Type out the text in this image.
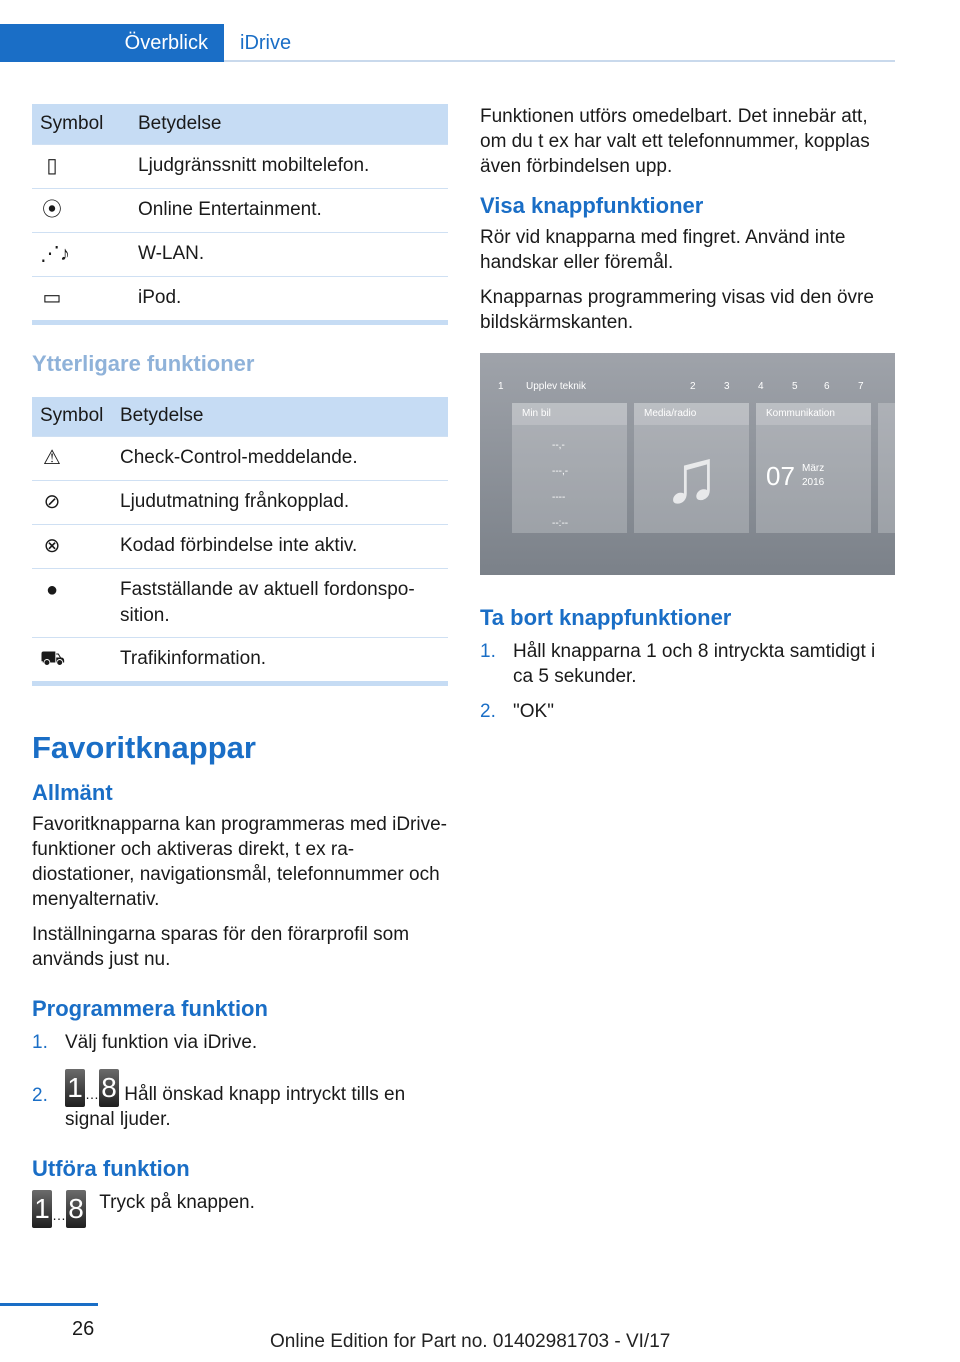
Överblick	iDrive
Symbol	Betydelse
▯	Ljudgränssnitt mobiltelefon.
⦿	Online Entertainment.
⋰♪	W-LAN.
▭	iPod.
Ytterligare funktioner
Symbol	Betydelse
⚠	Check-Control-meddelande.
⊘	Ljudutmatning frånkopplad.
⊗	Kodad förbindelse inte aktiv.
●	Fastställande av aktuell fordonspo-sition.
⛟	Trafikinformation.
Favoritknappar
Allmänt

Favoritknapparna kan programmeras med iDrive-funktioner och aktiveras direkt, t ex ra-diostationer, navigationsmål, telefonnummer och menyalternativ.

Inställningarna sparas för den förarprofil som används just nu.

Programmera funktion
1. Välj funktion via iDrive.
2. 1 …8 Håll önskad knapp intryckt tills en signal ljuder.
Utföra funktion
1 …8 Tryck på knappen.

Funktionen utförs omedelbart. Det innebär att, om du t ex har valt ett telefonnummer, kopplas även förbindelsen upp.

Visa knappfunktioner

Rör vid knapparna med fingret. Använd inte handskar eller föremål.

Knapparnas programmering visas vid den övre bildskärmskanten.

1 Upplev teknik	2	3	4	5	6	7
Min bil
--,-
---,-
----
--:--
Media/radio
♫
Kommunikation
07 März
2016
Ta bort knappfunktioner
1. Håll knapparna 1 och 8 intryckta samtidigt i ca 5 sekunder.
2. "OK"
26
Online Edition for Part no. 01402981703 - VI/17
